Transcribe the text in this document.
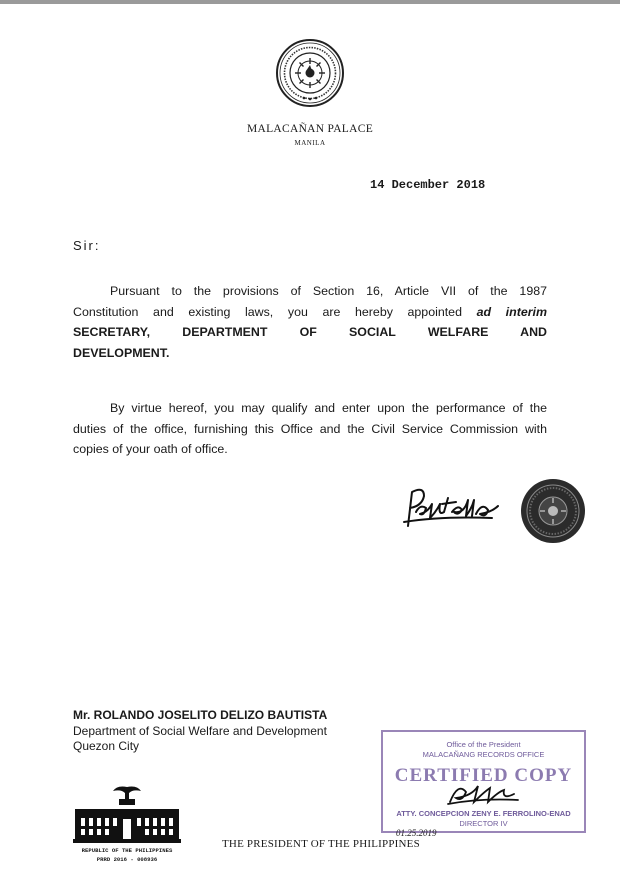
MALACAÑAN PALACE
MANILA
14 December 2018
Sir:
Pursuant to the provisions of Section 16, Article VII of the 1987
Constitution and existing laws, you are hereby appointed ad interim
SECRETARY, DEPARTMENT OF SOCIAL WELFARE AND
DEVELOPMENT.
By virtue hereof, you may qualify and enter upon the performance of the
duties of the office, furnishing this Office and the Civil Service Commission with
copies of your oath of office.
Mr. ROLANDO JOSELITO DELIZO BAUTISTA
Department of Social Welfare and Development
Quezon City	Office of the President
MALACAÑANG RECORDS OFFICE
CERTIFIED COPY
ATTY. CONCEPCION ZENY E. FERROLINO-ENAD
DIRECTOR IV
01.25.2019
REPUBLIC OF THE PHILIPPINES
PRRD 2016 - 008936
THE PRESIDENT OF THE PHILIPPINES
